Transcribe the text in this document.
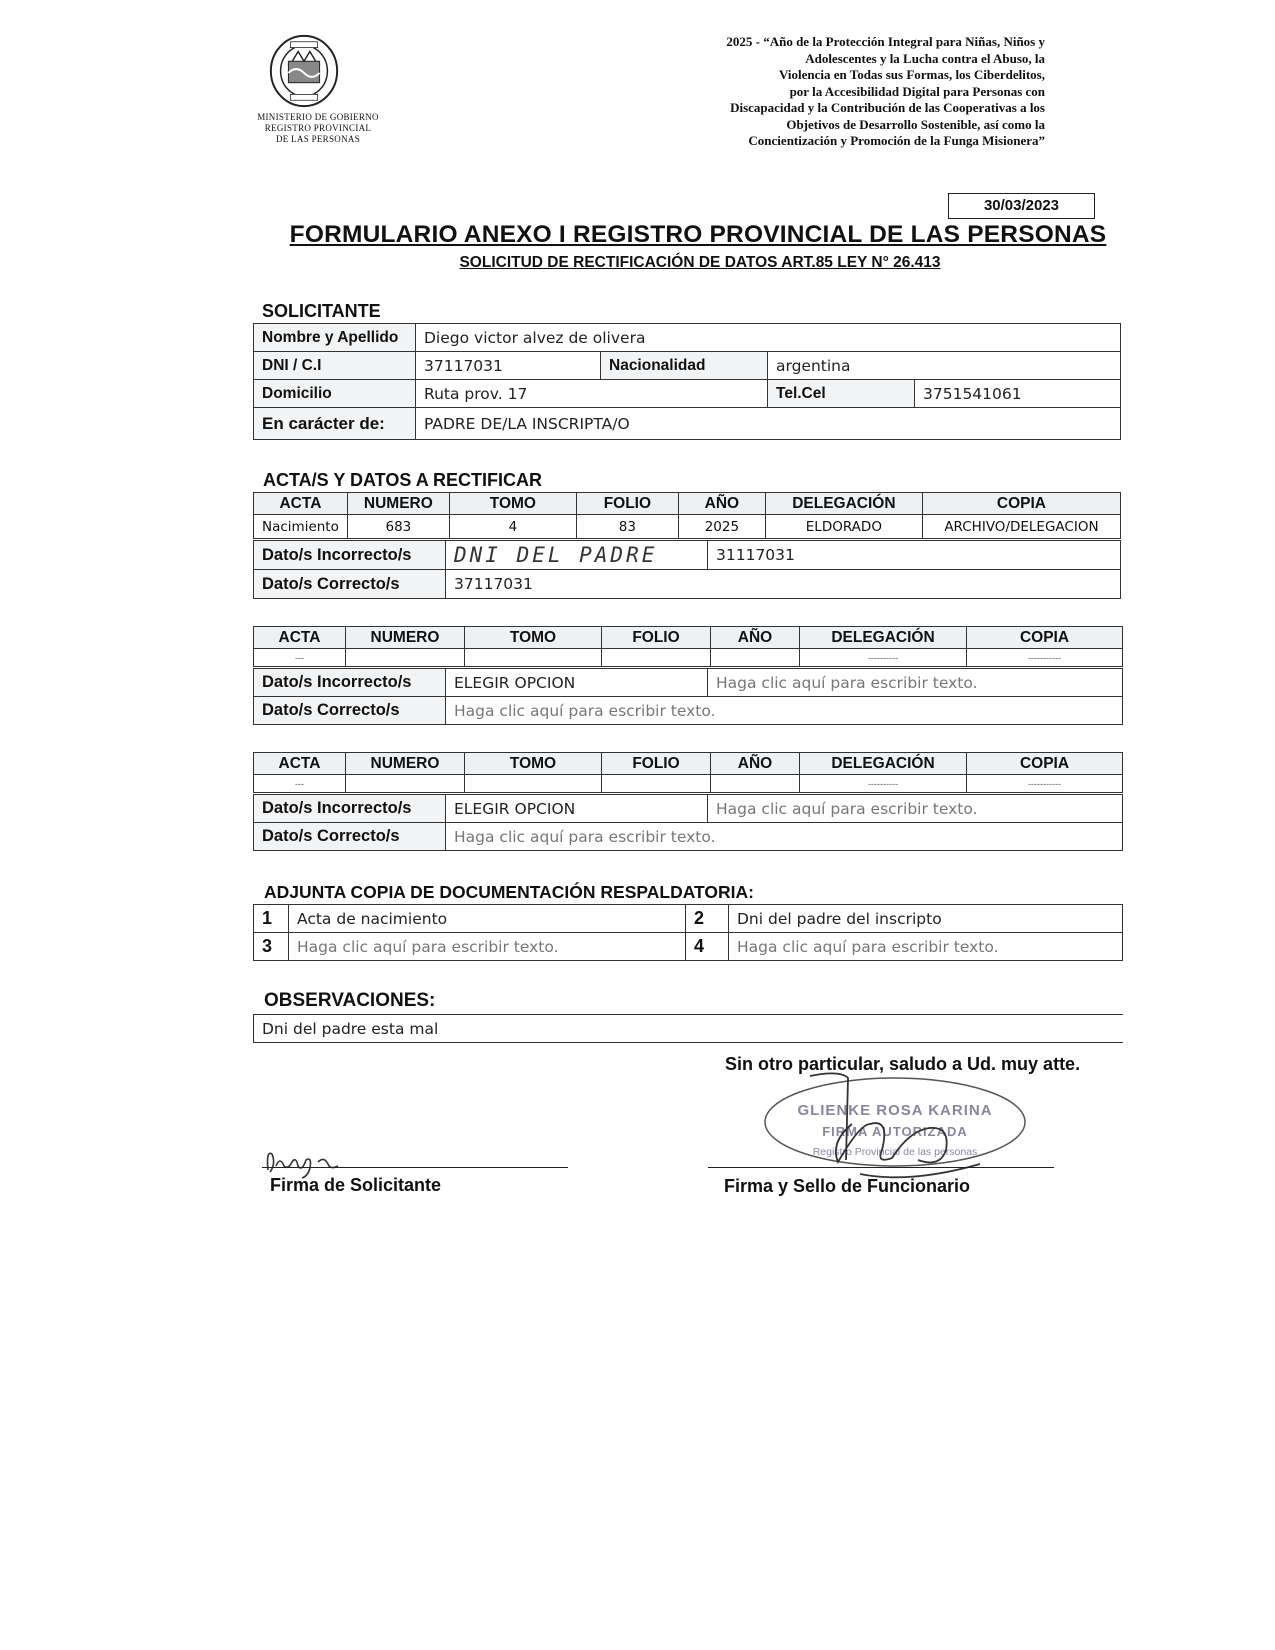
MINISTERIO DE GOBIERNO
REGISTRO PROVINCIAL
DE LAS PERSONAS
2025 - “Año de la Protección Integral para Niñas, Niños y
Adolescentes y la Lucha contra el Abuso, la
Violencia en Todas sus Formas, los Ciberdelitos,
por la Accesibilidad Digital para Personas con
Discapacidad y la Contribución de las Cooperativas a los
Objetivos de Desarrollo Sostenible, así como la
Concientización y Promoción de la Funga Misionera”
30/03/2023
FORMULARIO ANEXO I REGISTRO PROVINCIAL DE LAS PERSONAS
SOLICITUD DE RECTIFICACIÓN DE DATOS ART.85 LEY N° 26.413
SOLICITANTE
Nombre y Apellido	Diego victor alvez de olivera			
DNI / C.I	37117031	Nacionalidad	argentina	
Domicilio	Ruta prov. 17		Tel.Cel	3751541061
En carácter de:	PADRE DE/LA INSCRIPTA/O			
ACTA/S Y DATOS A RECTIFICAR
ACTA	NUMERO	TOMO	FOLIO	AÑO	DELEGACIÓN	COPIA
Nacimiento	683	4	83	2025	ELDORADO	ARCHIVO/DELEGACION
Dato/s Incorrecto/s	DNI DEL PADRE	31117031
Dato/s Correcto/s	37117031	
ACTA	NUMERO	TOMO	FOLIO	AÑO	DELEGACIÓN	COPIA
---					----------	-----------
Dato/s Incorrecto/s	ELEGIR OPCION	Haga clic aquí para escribir texto.
Dato/s Correcto/s	Haga clic aquí para escribir texto.	
ACTA	NUMERO	TOMO	FOLIO	AÑO	DELEGACIÓN	COPIA
---					----------	-----------
Dato/s Incorrecto/s	ELEGIR OPCION	Haga clic aquí para escribir texto.
Dato/s Correcto/s	Haga clic aquí para escribir texto.	
ADJUNTA COPIA DE DOCUMENTACIÓN RESPALDATORIA:
1	Acta de nacimiento	2	Dni del padre del inscripto
3	Haga clic aquí para escribir texto.	4	Haga clic aquí para escribir texto.
OBSERVACIONES:
Dni del padre esta mal
Sin otro particular, saludo a Ud. muy atte.
Firma de Solicitante
GLIENKE ROSA KARINA
FIRMA AUTORIZADA
Registro Provincial de las personas
Firma y Sello de Funcionario
